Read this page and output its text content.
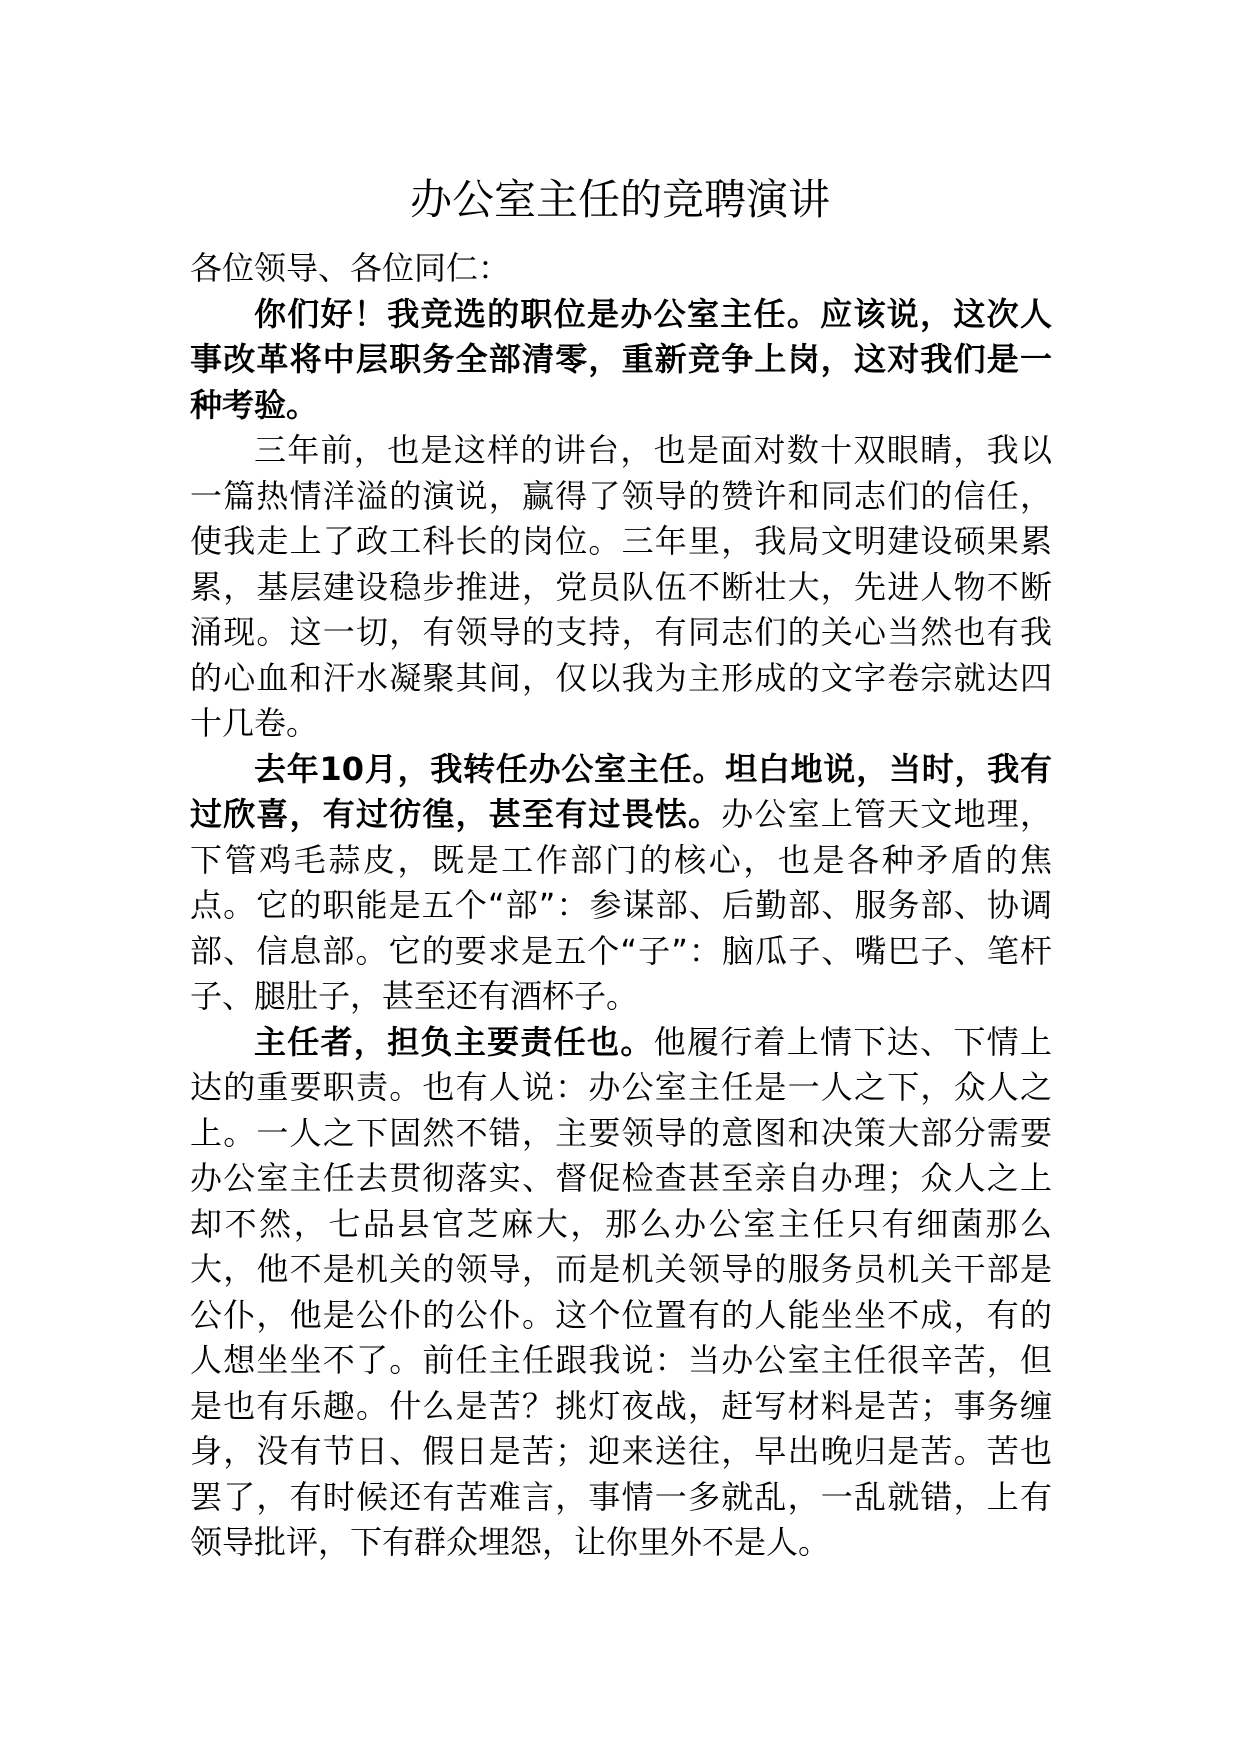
办公室主任的竞聘演讲

各位领导、各位同仁：

你们好！我竞选的职位是办公室主任。应该说，这次人事改革将中层职务全部清零，重新竞争上岗，这对我们是一种考验。

三年前，也是这样的讲台，也是面对数十双眼睛，我以一篇热情洋溢的演说，赢得了领导的赞许和同志们的信任，使我走上了政工科长的岗位。三年里，我局文明建设硕果累累，基层建设稳步推进，党员队伍不断壮大，先进人物不断涌现。这一切，有领导的支持，有同志们的关心当然也有我的心血和汗水凝聚其间，仅以我为主形成的文字卷宗就达四十几卷。

去年10月，我转任办公室主任。坦白地说，当时，我有过欣喜，有过彷徨，甚至有过畏怯。办公室上管天文地理，下管鸡毛蒜皮，既是工作部门的核心，也是各种矛盾的焦点。它的职能是五个“部”：参谋部、后勤部、服务部、协调部、信息部。它的要求是五个“子”：脑瓜子、嘴巴子、笔杆子、腿肚子，甚至还有酒杯子。

主任者，担负主要责任也。他履行着上情下达、下情上达的重要职责。也有人说：办公室主任是一人之下，众人之上。一人之下固然不错，主要领导的意图和决策大部分需要办公室主任去贯彻落实、督促检查甚至亲自办理；众人之上却不然，七品县官芝麻大，那么办公室主任只有细菌那么大，他不是机关的领导，而是机关领导的服务员机关干部是公仆，他是公仆的公仆。这个位置有的人能坐坐不成，有的人想坐坐不了。前任主任跟我说：当办公室主任很辛苦，但是也有乐趣。什么是苦？挑灯夜战，赶写材料是苦；事务缠身，没有节日、假日是苦；迎来送往，早出晚归是苦。苦也罢了，有时候还有苦难言，事情一多就乱，一乱就错，上有领导批评，下有群众埋怨，让你里外不是人。
